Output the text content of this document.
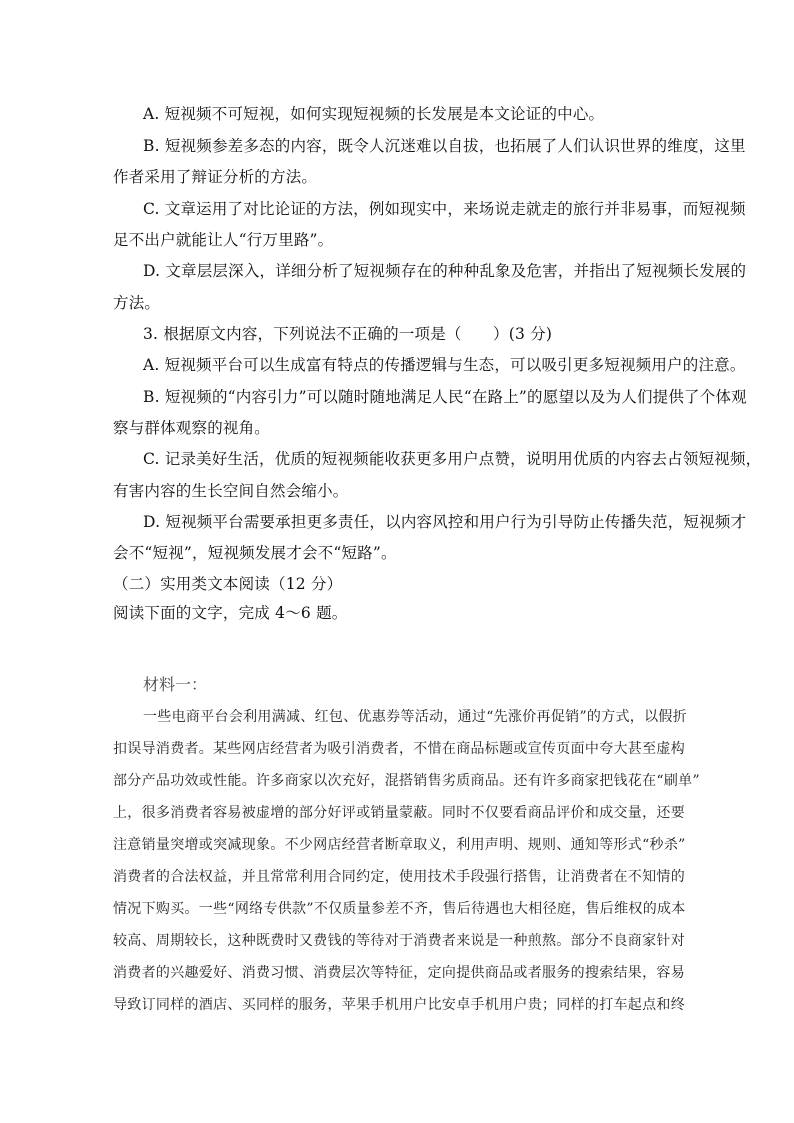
A. 短视频不可短视，如何实现短视频的长发展是本文论证的中心。
B. 短视频参差多态的内容，既令人沉迷难以自拔，也拓展了人们认识世界的维度，这里
作者采用了辩证分析的方法。
C. 文章运用了对比论证的方法，例如现实中，来场说走就走的旅行并非易事，而短视频
足不出户就能让人“行万里路”。
D. 文章层层深入，详细分析了短视频存在的种种乱象及危害，并指出了短视频长发展的
方法。
3. 根据原文内容，下列说法不正确的一项是（　　）(3 分)
A. 短视频平台可以生成富有特点的传播逻辑与生态，可以吸引更多短视频用户的注意。
B. 短视频的“内容引力”可以随时随地满足人民“在路上”的愿望以及为人们提供了个体观
察与群体观察的视角。
C. 记录美好生活，优质的短视频能收获更多用户点赞，说明用优质的内容去占领短视频，
有害内容的生长空间自然会缩小。
D. 短视频平台需要承担更多责任，以内容风控和用户行为引导防止传播失范，短视频才
会不“短视”，短视频发展才会不“短路”。
（二）实用类文本阅读（12 分）
阅读下面的文字，完成 4～6 题。
材料一：
一些电商平台会利用满减、红包、优惠券等活动，通过“先涨价再促销”的方式，以假折
扣误导消费者。某些网店经营者为吸引消费者，不惜在商品标题或宣传页面中夸大甚至虚构
部分产品功效或性能。许多商家以次充好，混搭销售劣质商品。还有许多商家把钱花在“刷单”
上，很多消费者容易被虚增的部分好评或销量蒙蔽。同时不仅要看商品评价和成交量，还要
注意销量突增或突减现象。不少网店经营者断章取义，利用声明、规则、通知等形式“秒杀”
消费者的合法权益，并且常常利用合同约定，使用技术手段强行搭售，让消费者在不知情的
情况下购买。一些“网络专供款”不仅质量参差不齐，售后待遇也大相径庭，售后维权的成本
较高、周期较长，这种既费时又费钱的等待对于消费者来说是一种煎熬。部分不良商家针对
消费者的兴趣爱好、消费习惯、消费层次等特征，定向提供商品或者服务的搜索结果，容易
导致订同样的酒店、买同样的服务，苹果手机用户比安卓手机用户贵；同样的打车起点和终
